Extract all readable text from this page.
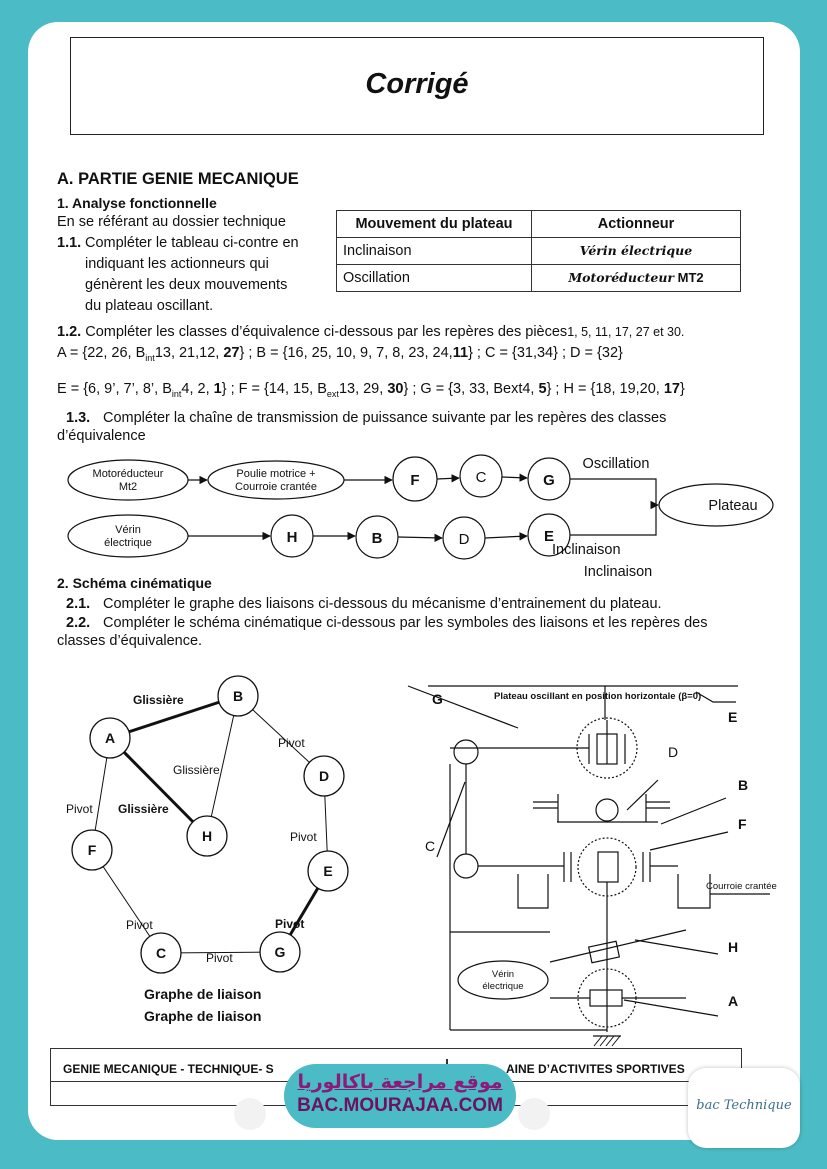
Corrigé
A. PARTIE GENIE MECANIQUE
1. Analyse fonctionnelle
En se référant au dossier technique
1.1. Compléter le tableau ci-contre en
indiquant les actionneurs qui
génèrent les deux mouvements
du plateau oscillant.
Mouvement du plateau	Actionneur
Inclinaison	Vérin électrique
Oscillation	Motoréducteur MT2
1.2. Compléter les classes d’équivalence ci-dessous par les repères des pièces1, 5, 11, 17, 27 et 30.
A = {22, 26, $B_{int}13$, 21,12, 27} ; B = {16, 25, 10, 9, 7, 8, 23, 24,11} ; C = {31,34} ; D = {32}
E = {6, 9’, 7’, 8’, $B_{int}4$, 2, 1} ; F = {14, 15, $B_{ext}13$, 29, 30} ; G = {3, 33, Bext4, 5} ; H = {18, 19,20, 17}
1.3. Compléter la chaîne de transmission de puissance suivante par les repères des classes
d’équivalence
Motoréducteur
Mt2
Poulie motrice +
Courroie crantée
Vérin
électrique
F	C	G
H	B	D	E
Oscillation
Inclinaison
Plateau
Inclinaison
2. Schéma cinématique
2.1. Compléter le graphe des liaisons ci-dessous du mécanisme d’entrainement du plateau.
2.2. Compléter le schéma cinématique ci-dessous par les symboles des liaisons et les repères des
classes d’équivalence.
A
B
D
E
G
C
F
H
Glissière
Glissière
Glissière
Pivot
Pivot
Pivot
Pivot
Pivot
Pivot
Graphe de liaison
Graphe de liaison
Plateau oscillant en position horizontale (β=0)
G
E
B
F
H
A
D
C
Courroie crantée
Vérin
électrique
GENIE MECANIQUE - TECHNIQUE- S	AINE D’ACTIVITES SPORTIVES
موقع مراجعة باكالوريا
BAC.MOURAJAA.COM	bac Technique
